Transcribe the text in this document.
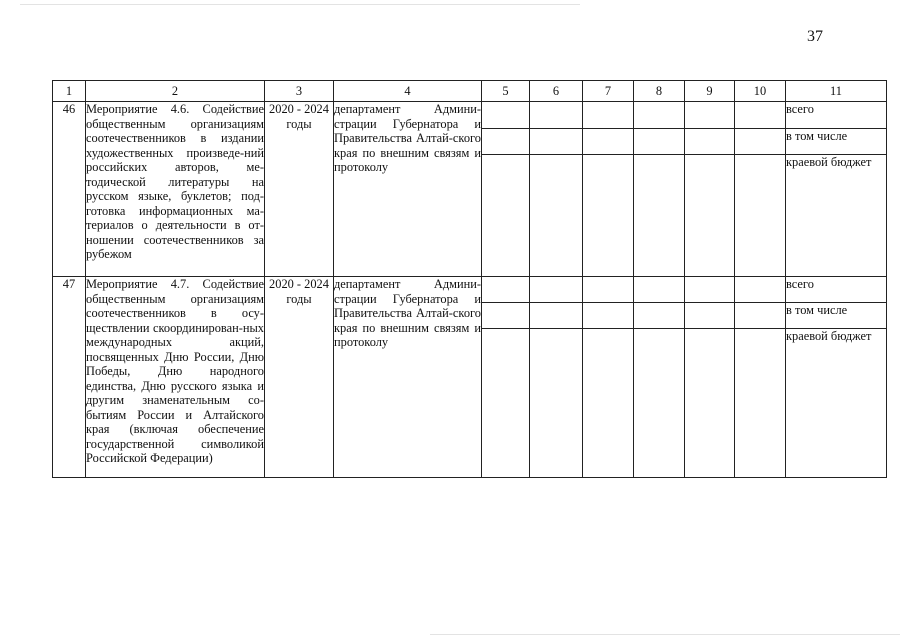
37
1	2	3	4	5	6	7	8	9	10	11
46	Мероприятие 4.6. Содействие общественным организациям соотечественников в издании художественных произведе-ний российских авторов, ме-тодической литературы на русском языке, буклетов; под-готовка информационных ма-териалов о деятельности в от-ношении соотечественников за рубежом	2020 - 2024 годы	департамент Админи-страции Губернатора и Правительства Алтай-ского края по внешним связям и протоколу							всего
										в том числе
										краевой бюджет
47	Мероприятие 4.7. Содействие общественным организациям соотечественников в осу-ществлении скоординирован-ных международных акций, посвященных Дню России, Дню Победы, Дню народного единства, Дню русского языка и другим знаменательным со-бытиям России и Алтайского края (включая обеспечение государственной символикой Российской Федерации)	2020 - 2024 годы	департамент Админи-страции Губернатора и Правительства Алтай-ского края по внешним связям и протоколу							всего
										в том числе
										краевой бюджет
